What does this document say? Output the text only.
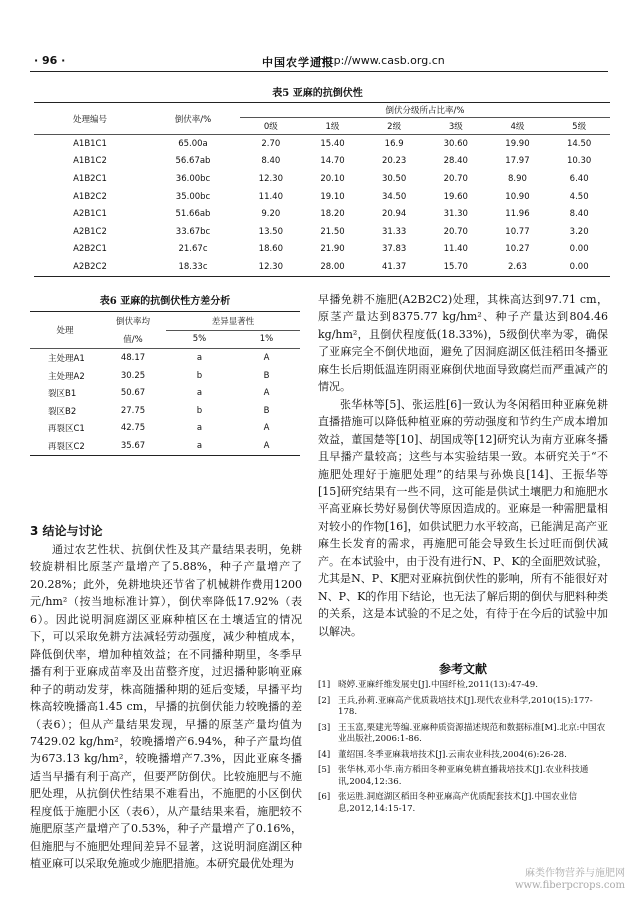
· 96 ·	中国农学通报
http://www.casb.org.cn
表5 亚麻的抗倒伏性
处理编号	倒伏率/%	倒伏分级所占比率/%					
		0级	1级	2级	3级	4级	5级
A1B1C1	65.00a	2.70	15.40	16.9	30.60	19.90	14.50
A1B1C2	56.67ab	8.40	14.70	20.23	28.40	17.97	10.30
A1B2C1	36.00bc	12.30	20.10	30.50	20.70	8.90	6.40
A1B2C2	35.00bc	11.40	19.10	34.50	19.60	10.90	4.50
A2B1C1	51.66ab	9.20	18.20	20.94	31.30	11.96	8.40
A2B1C2	33.67bc	13.50	21.50	31.33	20.70	10.77	3.20
A2B2C1	21.67c	18.60	21.90	37.83	11.40	10.27	0.00
A2B2C2	18.33c	12.30	28.00	41.37	15.70	2.63	0.00
表6 亚麻的抗倒伏性方差分析
处理	倒伏率均	差异显著性	
	值/%	5%	1%
主处理A1	48.17	a	A
主处理A2	30.25	b	B
裂区B1	50.67	a	A
裂区B2	27.75	b	B
再裂区C1	42.75	a	A
再裂区C2	35.67	a	A
3 结论与讨论
通过农艺性状、抗倒伏性及其产量结果表明，免耕较旋耕相比原茎产量增产了5.88%，种子产量增产了20.28%；此外，免耕地块还节省了机械耕作费用1200元/hm²（按当地标准计算），倒伏率降低17.92%（表6）。因此说明洞庭湖区亚麻种植区在土壤适宜的情况下，可以采取免耕方法减轻劳动强度，减少种植成本，降低倒伏率，增加种植效益；在不同播种期里，冬季早播有利于亚麻成苗率及出苗整齐度，过迟播种影响亚麻种子的萌动发芽，株高随播种期的延后变矮，早播平均株高较晚播高1.45 cm，早播的抗倒伏能力较晚播的差（表6）；但从产量结果发现，早播的原茎产量均值为7429.02 kg/hm²，较晚播增产6.94%，种子产量均值为673.13 kg/hm²，较晚播增产7.3%，因此亚麻冬播适当早播有利于高产，但要严防倒伏。比较施肥与不施肥处理，从抗倒伏性结果不难看出，不施肥的小区倒伏程度低于施肥小区（表6），从产量结果来看，施肥较不施肥原茎产量增产了0.53%，种子产量增产了0.16%，但施肥与不施肥处理间差异不显著，这说明洞庭湖区种植亚麻可以采取免施或少施肥措施。本研究最优处理为
早播免耕不施肥(A2B2C2)处理，其株高达到97.71 cm，原茎产量达到8375.77 kg/hm²、种子产量达到804.46 kg/hm²，且倒伏程度低(18.33%)，5级倒伏率为零，确保了亚麻完全不倒伏地面，避免了因洞庭湖区低洼稻田冬播亚麻生长后期低温连阴雨亚麻倒伏地面导致腐烂而严重减产的情况。
张华林等[5]、张运胜[6]一致认为冬闲稻田种亚麻免耕直播措施可以降低种植亚麻的劳动强度和节约生产成本增加效益，董国楚等[10]、胡国成等[12]研究认为南方亚麻冬播且早播产量较高；这些与本实验结果一致。本研究关于“不施肥处理好于施肥处理”的结果与孙焕良[14]、王振华等[15]研究结果有一些不同，这可能是供试土壤肥力和施肥水平高亚麻长势好易倒伏等原因造成的。亚麻是一种需肥量相对较小的作物[16]，如供试肥力水平较高，已能满足高产亚麻生长发育的需求，再施肥可能会导致生长过旺而倒伏减产。在本试验中，由于没有进行N、P、K的全面肥效试验，尤其是N、P、K肥对亚麻抗倒伏性的影响，所有不能很好对N、P、K的作用下结论，也无法了解后期的倒伏与肥料种类的关系，这是本试验的不足之处，有待于在今后的试验中加以解决。
参考文献
[1] 晓婷.亚麻纤维发展史[J].中国纤检,2011(13):47-49.
[2] 王兵,孙莉.亚麻高产优质栽培技术[J].现代农业科学,2010(15):177-178.
[3] 王玉富,栗建光等编.亚麻种质资源描述规范和数据标准[M].北京:中国农业出版社,2006:1-86.
[4] 董绍国.冬季亚麻栽培技术[J].云南农业科技,2004(6):26-28.
[5] 张华林,邓小华.南方稻田冬种亚麻免耕直播栽培技术[J].农业科技通讯,2004,12:36.
[6] 张运胜.洞庭湖区稻田冬种亚麻高产优质配套技术[J].中国农业信息,2012,14:15-17.
麻类作物营养与施肥网
www.fiberpcrops.com
